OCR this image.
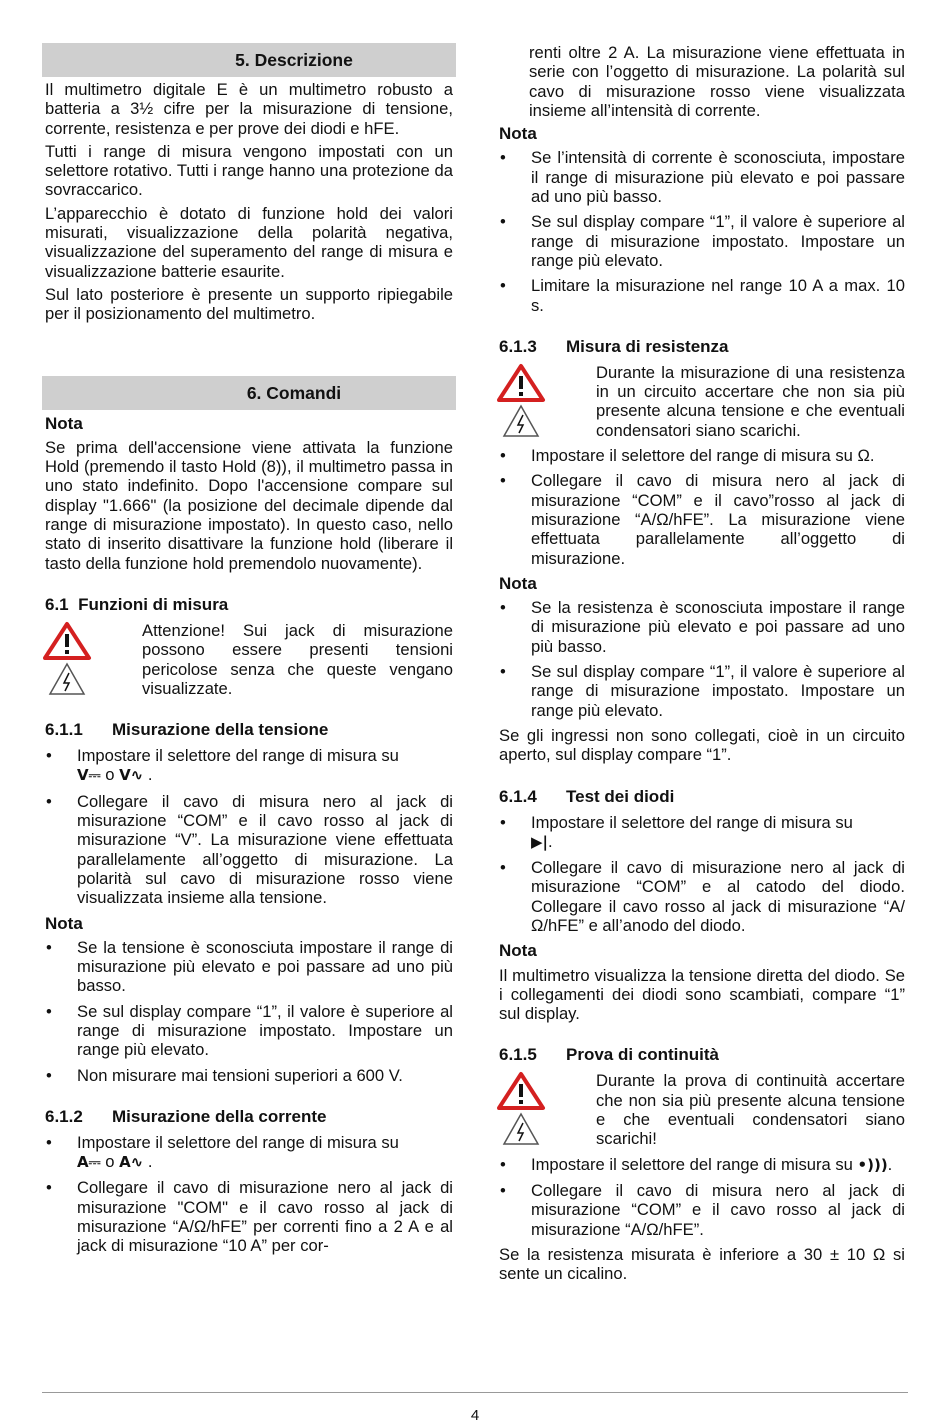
5. Descrizione

Il multimetro digitale E è un multimetro robusto a batteria a 3½ cifre per la misurazione di tensione, corrente, resistenza e per prove dei diodi e hFE.

Tutti i range di misura vengono impostati con un selettore rotativo. Tutti i range hanno una protezione da sovraccarico.

L’apparecchio è dotato di funzione hold dei valori misurati, visualizzazione della polarità negativa, visualizzazione del superamento del range di misura e visualizzazione batterie esaurite.

Sul lato posteriore è presente un supporto ripiegabile per il posizionamento del multimetro.

6. Comandi
Nota

Se prima dell'accensione viene attivata la funzione Hold (premendo il tasto Hold (8)), il multimetro passa in uno stato indefinito. Dopo l'accensione compare sul display "1.666" (la posizione del decimale dipende dal range di misurazione impostato). In questo caso, nello stato di inserito disattivare la funzione hold (liberare il tasto della funzione hold premendolo nuovamente).

6.1 Funzioni di misura

Attenzione! Sui jack di misurazione possono essere presenti tensioni pericolose senza che queste vengano visualizzate.

6.1.1 Misurazione della tensione
• Impostare il selettore del range di misura su
V⎓ o V∿ .
• Collegare il cavo di misura nero al jack di misurazione “COM” e il cavo rosso al jack di misurazione “V”. La misurazione viene effettuata parallelamente all’oggetto di misurazione. La polarità sul cavo di misurazione rosso viene visualizzata insieme alla tensione.
Nota
• Se la tensione è sconosciuta impostare il range di misurazione più elevato e poi passare ad uno più basso.
• Se sul display compare “1”, il valore è superiore al range di misurazione impostato. Impostare un range più elevato.
• Non misurare mai tensioni superiori a 600 V.
6.1.2 Misurazione della corrente
• Impostare il selettore del range di misura su
A⎓ o A∿ .
• Collegare il cavo di misurazione nero al jack di misurazione "COM" e il cavo rosso al jack di misurazione “A/Ω/hFE” per correnti fino a 2 A e al jack di misurazione “10 A” per cor-

renti oltre 2 A. La misurazione viene effettuata in serie con l’oggetto di misurazione. La polarità sul cavo di misurazione rosso viene visualizzata insieme all’intensità di corrente.

Nota
• Se l’intensità di corrente è sconosciuta, impostare il range di misurazione più elevato e poi passare ad uno più basso.
• Se sul display compare “1”, il valore è superiore al range di misurazione impostato. Impostare un range più elevato.
• Limitare la misurazione nel range 10 A a max. 10 s.
6.1.3 Misura di resistenza

Durante la misurazione di una resistenza in un circuito accertare che non sia più presente alcuna tensione e che eventuali condensatori siano scarichi.

• Impostare il selettore del range di misura su Ω.
• Collegare il cavo di misura nero al jack di misurazione “COM” e il cavo”rosso al jack di misurazione “A/Ω/hFE”. La misurazione viene effettuata parallelamente all’oggetto di misurazione.
Nota
• Se la resistenza è sconosciuta impostare il range di misurazione più elevato e poi passare ad uno più basso.
• Se sul display compare “1”, il valore è superiore al range di misurazione impostato. Impostare un range più elevato.

Se gli ingressi non sono collegati, cioè in un circuito aperto, sul display compare “1”.

6.1.4 Test dei diodi
• Impostare il selettore del range di misura su
▶|.
• Collegare il cavo di misurazione nero al jack di misurazione “COM” e al catodo del diodo. Collegare il cavo rosso al jack di misurazione “A/Ω/hFE” e all’anodo del diodo.
Nota

Il multimetro visualizza la tensione diretta del diodo. Se i collegamenti dei diodi sono scambiati, compare “1” sul display.

6.1.5 Prova di continuità

Durante la prova di continuità accertare che non sia più presente alcuna tensione e che eventuali condensatori siano scarichi!

• Impostare il selettore del range di misura su •))).
• Collegare il cavo di misura nero al jack di misurazione “COM” e il cavo rosso al jack di misurazione “A/Ω/hFE”.

Se la resistenza misurata è inferiore a 30 ± 10 Ω si sente un cicalino.

4
